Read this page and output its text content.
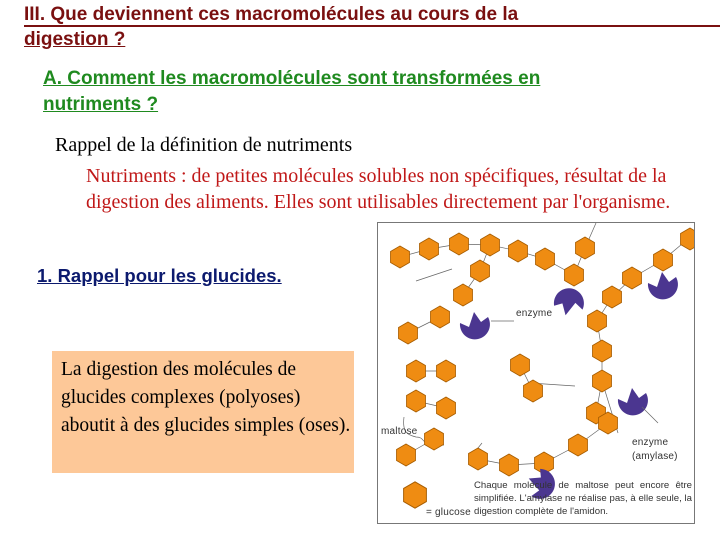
III. Que deviennent ces macromolécules au cours de la
digestion ?
A. Comment les macromolécules sont transformées en
nutriments ?
Rappel de la définition de nutriments
Nutriments : de petites molécules solubles non spécifiques, résultat de la digestion des aliments. Elles sont utilisables directement par l'organisme.
1. Rappel pour les glucides.
La digestion des molécules de glucides complexes (polyoses) aboutit à des glucides simples (oses).
enzyme
maltose
enzyme
(amylase)
= glucose
Chaque molécule de maltose peut encore être simplifiée. L'amylase ne réalise pas, à elle seule, la digestion complète de l'amidon.
